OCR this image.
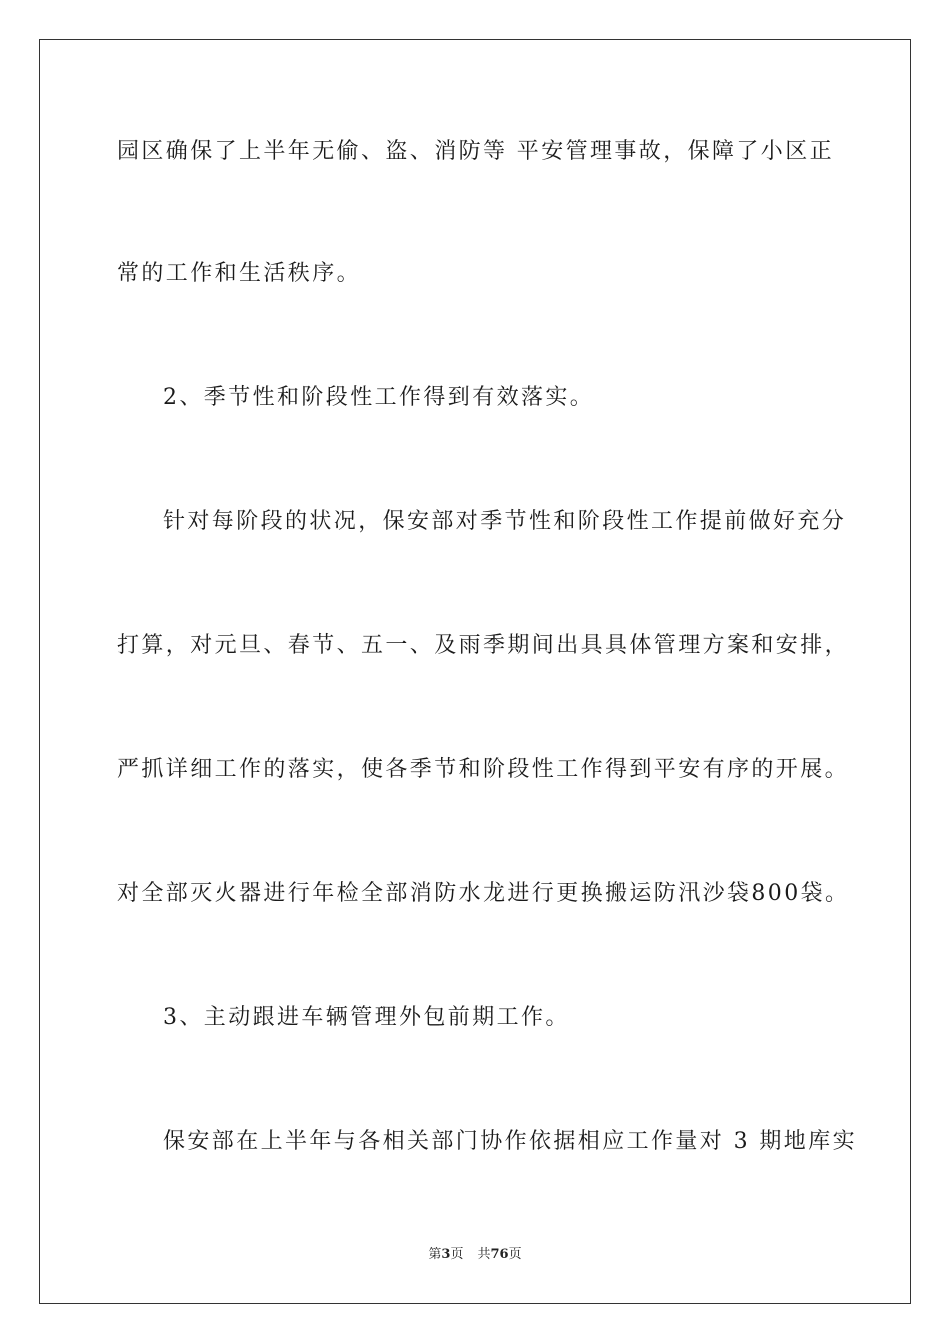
园区确保了上半年无偷、盗、消防等 平安管理事故，保障了小区正
常的工作和生活秩序。
2、季节性和阶段性工作得到有效落实。
针对每阶段的状况，保安部对季节性和阶段性工作提前做好充分
打算，对元旦、春节、五一、及雨季期间出具具体管理方案和安排，
严抓详细工作的落实，使各季节和阶段性工作得到平安有序的开展。
对全部灭火器进行年检全部消防水龙进行更换搬运防汛沙袋800袋。
3、主动跟进车辆管理外包前期工作。
保安部在上半年与各相关部门协作依据相应工作量对 3 期地库实
第3页 共76页
